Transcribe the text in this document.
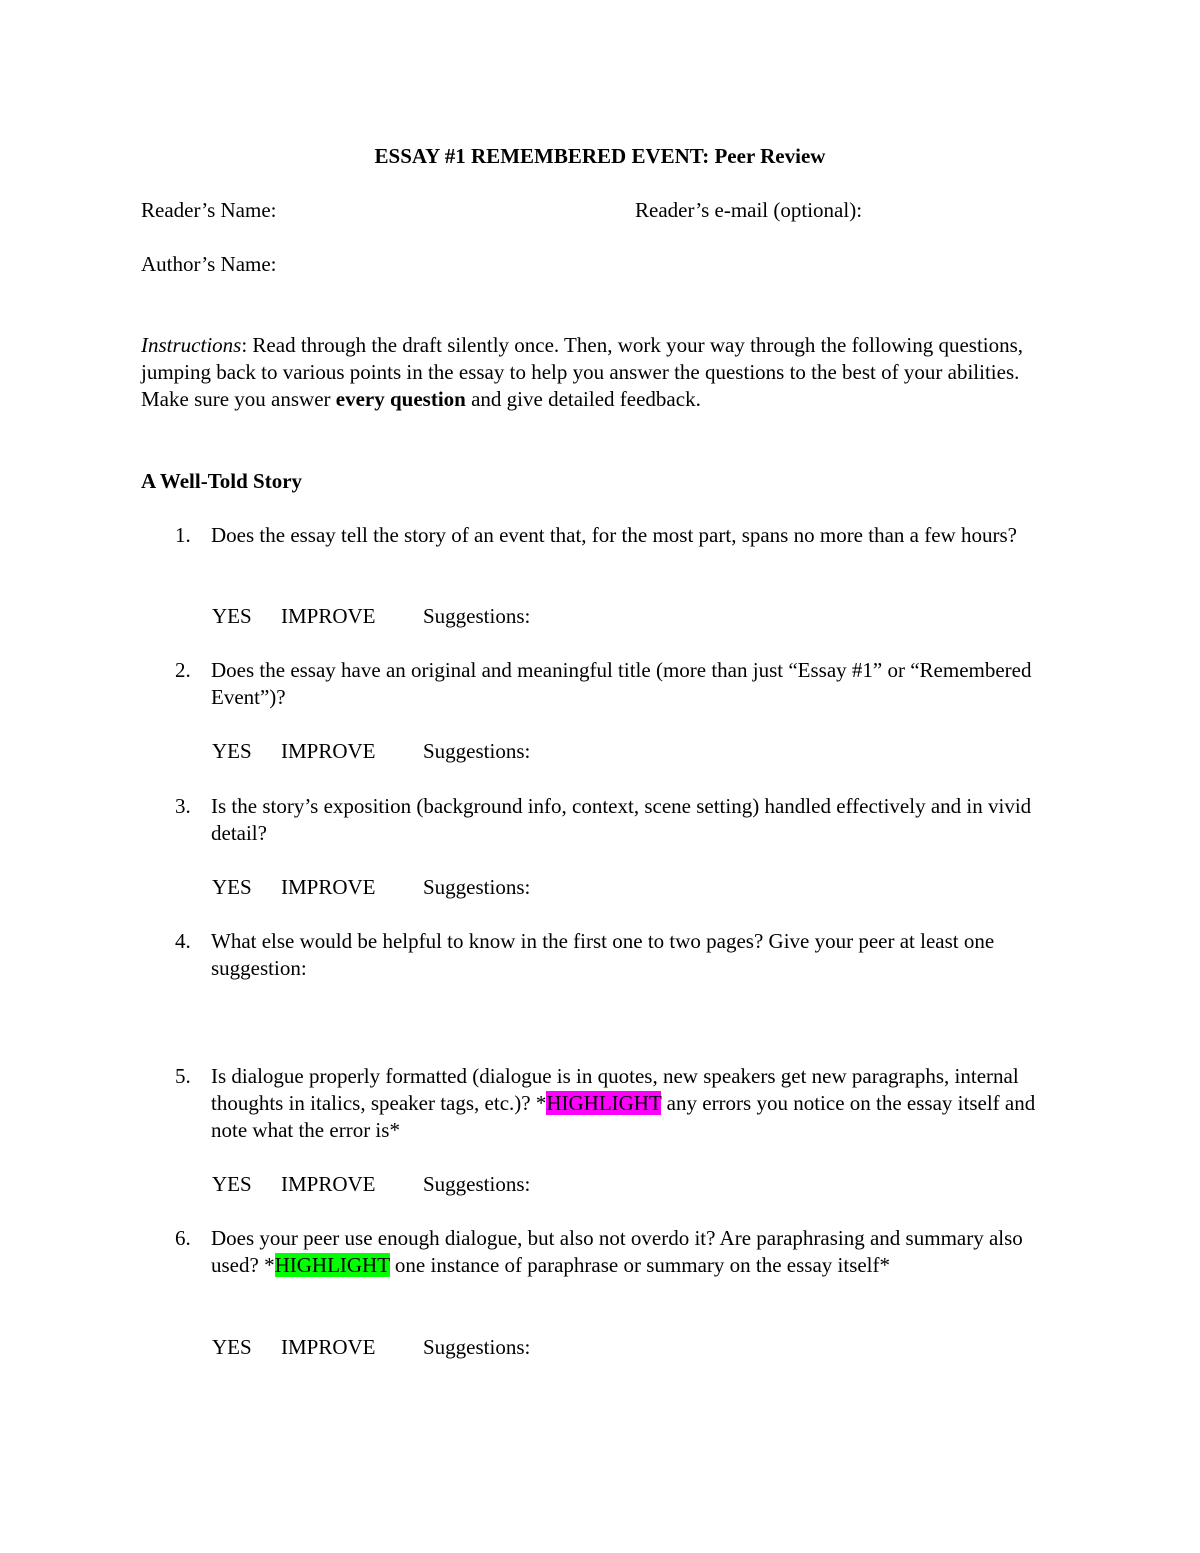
ESSAY #1 REMEMBERED EVENT: Peer Review
Reader’s Name:	Reader’s e-mail (optional):
Author’s Name:
Instructions: Read through the draft silently once. Then, work your way through the following questions, jumping back to various points in the essay to help you answer the questions to the best of your abilities. Make sure you answer every question and give detailed feedback.
A Well-Told Story
1. Does the essay tell the story of an event that, for the most part, spans no more than a few hours?
YES IMPROVE Suggestions:
2. Does the essay have an original and meaningful title (more than just “Essay #1” or “Remembered Event”)?
YES IMPROVE Suggestions:
3. Is the story’s exposition (background info, context, scene setting) handled effectively and in vivid detail?
YES IMPROVE Suggestions:
4. What else would be helpful to know in the first one to two pages? Give your peer at least one suggestion:
5. Is dialogue properly formatted (dialogue is in quotes, new speakers get new paragraphs, internal thoughts in italics, speaker tags, etc.)? *HIGHLIGHT any errors you notice on the essay itself and note what the error is*
YES IMPROVE Suggestions:
6. Does your peer use enough dialogue, but also not overdo it? Are paraphrasing and summary also used? *HIGHLIGHT one instance of paraphrase or summary on the essay itself*
YES IMPROVE Suggestions:
